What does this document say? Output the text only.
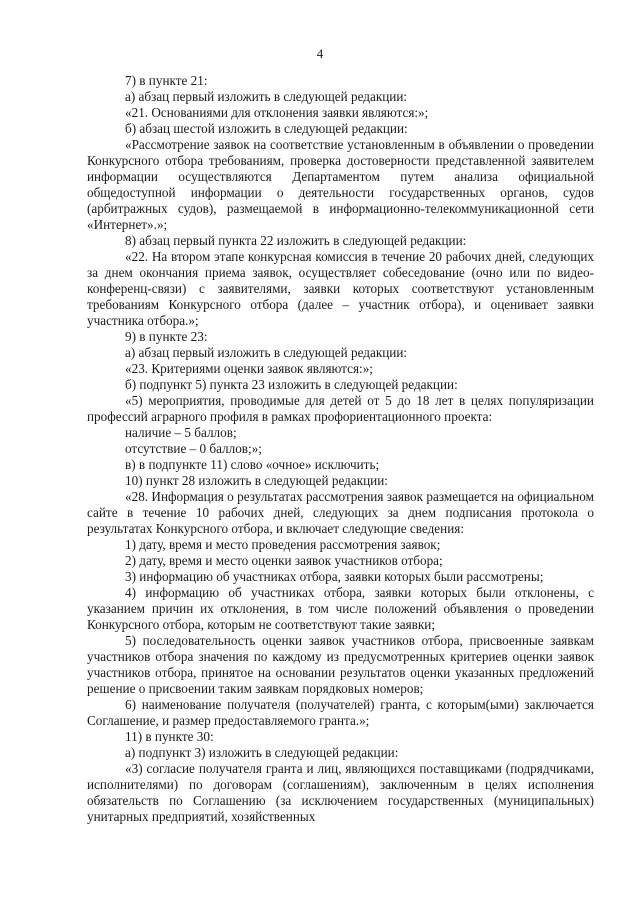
4

7) в пункте 21:

а) абзац первый изложить в следующей редакции:

«21. Основаниями для отклонения заявки являются:»;

б) абзац шестой изложить в следующей редакции:

«Рассмотрение заявок на соответствие установленным в объявлении о проведении Конкурсного отбора требованиям, проверка достоверности представленной заявителем информации осуществляются Департаментом путем анализа официальной общедоступной информации о деятельности государственных органов, судов (арбитражных судов), размещаемой в информационно-телекоммуникационной сети «Интернет».»;

8) абзац первый пункта 22 изложить в следующей редакции:

«22. На втором этапе конкурсная комиссия в течение 20 рабочих дней, следующих за днем окончания приема заявок, осуществляет собеседование (очно или по видео-конференц-связи) с заявителями, заявки которых соответствуют установленным требованиям Конкурсного отбора (далее – участник отбора), и оценивает заявки участника отбора.»;

9) в пункте 23:

а) абзац первый изложить в следующей редакции:

«23. Критериями оценки заявок являются:»;

б) подпункт 5) пункта 23 изложить в следующей редакции:

«5) мероприятия, проводимые для детей от 5 до 18 лет в целях популяризации профессий аграрного профиля в рамках профориентационного проекта:

наличие – 5 баллов;

отсутствие – 0 баллов;»;

в) в подпункте 11) слово «очное» исключить;

10) пункт 28 изложить в следующей редакции:

«28. Информация о результатах рассмотрения заявок размещается на официальном сайте в течение 10 рабочих дней, следующих за днем подписания протокола о результатах Конкурсного отбора, и включает следующие сведения:

1) дату, время и место проведения рассмотрения заявок;

2) дату, время и место оценки заявок участников отбора;

3) информацию об участниках отбора, заявки которых были рассмотрены;

4) информацию об участниках отбора, заявки которых были отклонены, с указанием причин их отклонения, в том числе положений объявления о проведении Конкурсного отбора, которым не соответствуют такие заявки;

5) последовательность оценки заявок участников отбора, присвоенные заявкам участников отбора значения по каждому из предусмотренных критериев оценки заявок участников отбора, принятое на основании результатов оценки указанных предложений решение о присвоении таким заявкам порядковых номеров;

6) наименование получателя (получателей) гранта, с которым(ыми) заключается Соглашение, и размер предоставляемого гранта.»;

11) в пункте 30:

а) подпункт 3) изложить в следующей редакции:

«3) согласие получателя гранта и лиц, являющихся поставщиками (подрядчиками, исполнителями) по договорам (соглашениям), заключенным в целях исполнения обязательств по Соглашению (за исключением государственных (муниципальных) унитарных предприятий, хозяйственных
